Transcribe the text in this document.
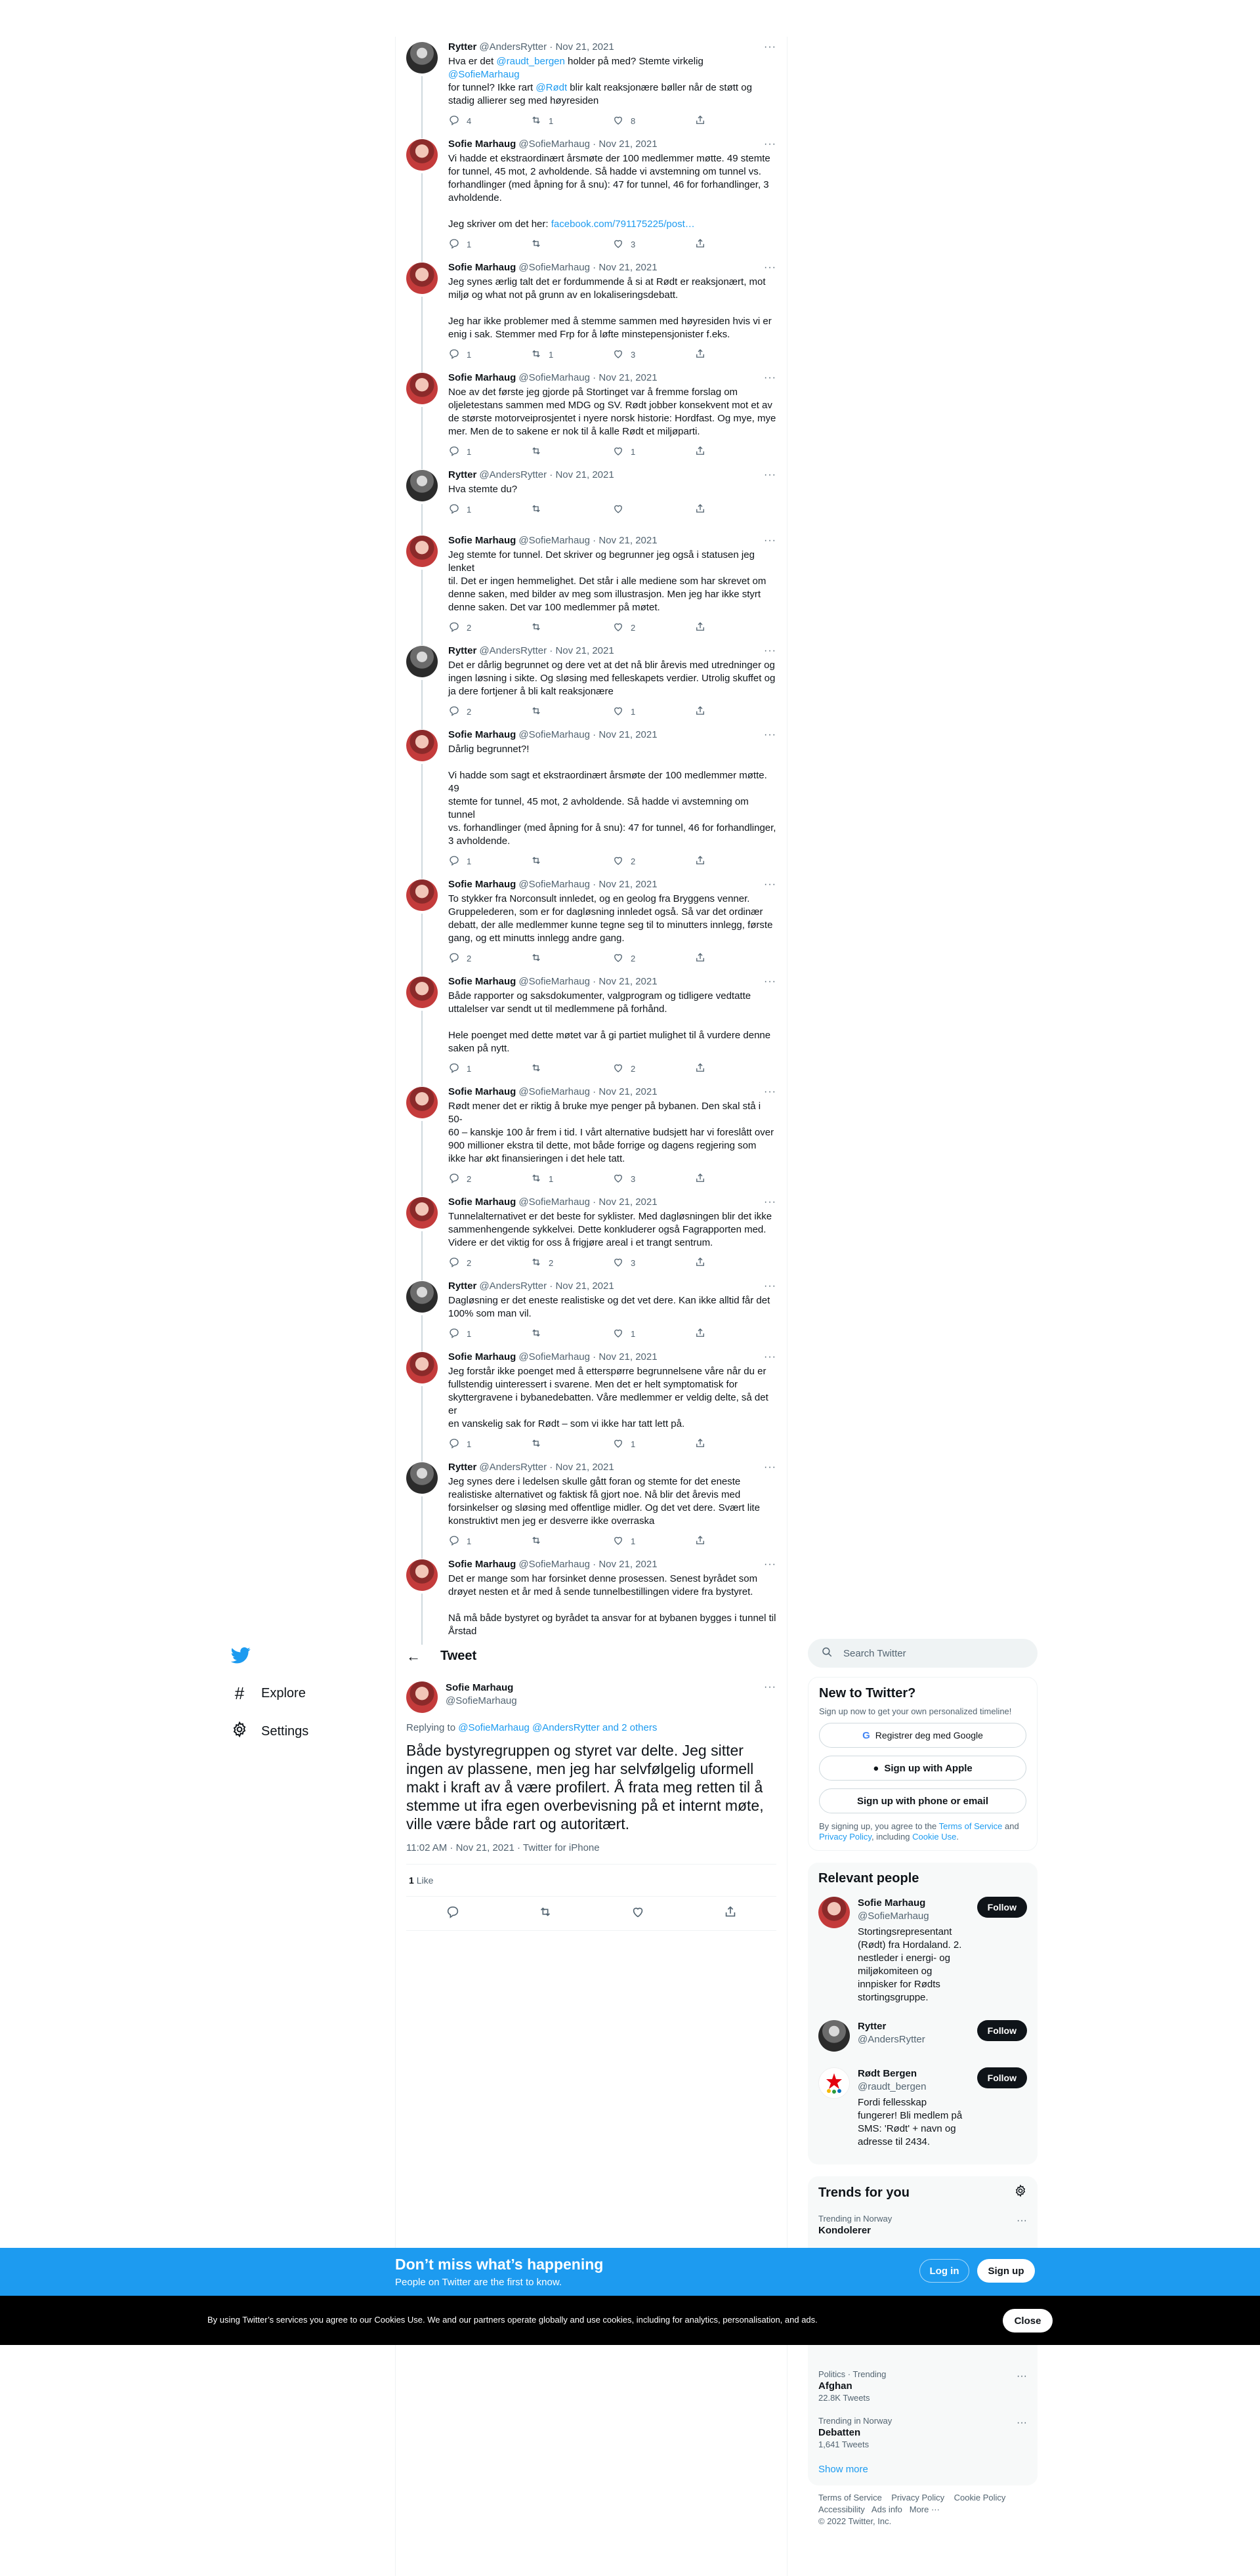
Rytter @AndersRytter · Nov 21, 2021	···
Hva er det @raudt_bergen holder på med? Stemte virkelig @SofieMarhaug
for tunnel? Ikke rart @Rødt blir kalt reaksjonære bøller når de støtt og
stadig allierer seg med høyresiden
4	1	8
Sofie Marhaug @SofieMarhaug · Nov 21, 2021	···
Vi hadde et ekstraordinært årsmøte der 100 medlemmer møtte. 49 stemte
for tunnel, 45 mot, 2 avholdende. Så hadde vi avstemning om tunnel vs.
forhandlinger (med åpning for å snu): 47 for tunnel, 46 for forhandlinger, 3
avholdende.

Jeg skriver om det her: facebook.com/791175225/post…
1	3
Sofie Marhaug @SofieMarhaug · Nov 21, 2021	···
Jeg synes ærlig talt det er fordummende å si at Rødt er reaksjonært, mot
miljø og what not på grunn av en lokaliseringsdebatt.

Jeg har ikke problemer med å stemme sammen med høyresiden hvis vi er
enig i sak. Stemmer med Frp for å løfte minstepensjonister f.eks.
1	1	3
Sofie Marhaug @SofieMarhaug · Nov 21, 2021	···
Noe av det første jeg gjorde på Stortinget var å fremme forslag om
oljeletestans sammen med MDG og SV. Rødt jobber konsekvent mot et av
de største motorveiprosjentet i nyere norsk historie: Hordfast. Og mye, mye
mer. Men de to sakene er nok til å kalle Rødt et miljøparti.
1	1
Rytter @AndersRytter · Nov 21, 2021	···
Hva stemte du?
1
Sofie Marhaug @SofieMarhaug · Nov 21, 2021	···
Jeg stemte for tunnel. Det skriver og begrunner jeg også i statusen jeg lenket
til. Det er ingen hemmelighet. Det står i alle mediene som har skrevet om
denne saken, med bilder av meg som illustrasjon. Men jeg har ikke styrt
denne saken. Det var 100 medlemmer på møtet.
2	2
Rytter @AndersRytter · Nov 21, 2021	···
Det er dårlig begrunnet og dere vet at det nå blir årevis med utredninger og
ingen løsning i sikte. Og sløsing med felleskapets verdier. Utrolig skuffet og
ja dere fortjener å bli kalt reaksjonære
2	1
Sofie Marhaug @SofieMarhaug · Nov 21, 2021	···
Dårlig begrunnet?!

Vi hadde som sagt et ekstraordinært årsmøte der 100 medlemmer møtte. 49
stemte for tunnel, 45 mot, 2 avholdende. Så hadde vi avstemning om tunnel
vs. forhandlinger (med åpning for å snu): 47 for tunnel, 46 for forhandlinger,
3 avholdende.
1	2
Sofie Marhaug @SofieMarhaug · Nov 21, 2021	···
To stykker fra Norconsult innledet, og en geolog fra Bryggens venner.
Gruppelederen, som er for dagløsning innledet også. Så var det ordinær
debatt, der alle medlemmer kunne tegne seg til to minutters innlegg, første
gang, og ett minutts innlegg andre gang.
2	2
Sofie Marhaug @SofieMarhaug · Nov 21, 2021	···
Både rapporter og saksdokumenter, valgprogram og tidligere vedtatte
uttalelser var sendt ut til medlemmene på forhånd.

Hele poenget med dette møtet var å gi partiet mulighet til å vurdere denne
saken på nytt.
1	2
Sofie Marhaug @SofieMarhaug · Nov 21, 2021	···
Rødt mener det er riktig å bruke mye penger på bybanen. Den skal stå i 50-
60 – kanskje 100 år frem i tid. I vårt alternative budsjett har vi foreslått over
900 millioner ekstra til dette, mot både forrige og dagens regjering som
ikke har økt finansieringen i det hele tatt.
2	1	3
Sofie Marhaug @SofieMarhaug · Nov 21, 2021	···
Tunnelalternativet er det beste for syklister. Med dagløsningen blir det ikke
sammenhengende sykkelvei. Dette konkluderer også Fagrapporten med.
Videre er det viktig for oss å frigjøre areal i et trangt sentrum.
2	2	3
Rytter @AndersRytter · Nov 21, 2021	···
Dagløsning er det eneste realistiske og det vet dere. Kan ikke alltid får det
100% som man vil.
1	1
Sofie Marhaug @SofieMarhaug · Nov 21, 2021	···
Jeg forstår ikke poenget med å etterspørre begrunnelsene våre når du er
fullstendig uinteressert i svarene. Men det er helt symptomatisk for
skyttergravene i bybanedebatten. Våre medlemmer er veldig delte, så det er
en vanskelig sak for Rødt – som vi ikke har tatt lett på.
1	1
Rytter @AndersRytter · Nov 21, 2021	···
Jeg synes dere i ledelsen skulle gått foran og stemte for det eneste
realistiske alternativet og faktisk få gjort noe. Nå blir det årevis med
forsinkelser og sløsing med offentlige midler. Og det vet dere. Svært lite
konstruktivt men jeg er desverre ikke overraska
1	1
Sofie Marhaug @SofieMarhaug · Nov 21, 2021	···
Det er mange som har forsinket denne prosessen. Senest byrådet som
drøyet nesten et år med å sende tunnelbestillingen videre fra bystyret.

Nå må både bystyret og byrådet ta ansvar for at bybanen bygges i tunnel til
Årstad
# Explore
Settings
← Tweet
Sofie Marhaug
@SofieMarhaug
···
Replying to @SofieMarhaug @AndersRytter and 2 others
Både bystyregruppen og styret var delte. Jeg sitter
ingen av plassene, men jeg har selvfølgelig uformell
makt i kraft av å være profilert. Å frata meg retten til å
stemme ut ifra egen overbevisning på et internt møte,
ville være både rart og autoritært.
11:02 AM · Nov 21, 2021 · Twitter for iPhone
1 Like
Search Twitter
New to Twitter?
Sign up now to get your own personalized timeline!
G Registrer deg med Google
● Sign up with Apple
Sign up with phone or email
By signing up, you agree to the Terms of Service and Privacy Policy, including Cookie Use.
Relevant people
Sofie Marhaug
@SofieMarhaug
Stortingsrepresentant (Rødt) fra Hordaland. 2. nestleder i energi- og miljøkomiteen og innpisker for Rødts stortingsgruppe.
Follow
Rytter
@AndersRytter
Follow
Rødt Bergen
@raudt_bergen
Fordi fellesskap fungerer! Bli medlem på SMS: 'Rødt' + navn og adresse til 2434.
Follow
Trends for you
Trending in Norway
Kondolerer
···
Politics · Trending
Afghan
22.8K Tweets
···
Trending in Norway
Debatten
1,641 Tweets
···
Show more
Terms of Service Privacy Policy Cookie Policy
Accessibility Ads info More ···
© 2022 Twitter, Inc.
Don’t miss what’s happening
People on Twitter are the first to know.
Log in	Sign up
By using Twitter’s services you agree to our Cookies Use. We and our partners operate globally and use cookies, including for analytics, personalisation, and ads.	Close
